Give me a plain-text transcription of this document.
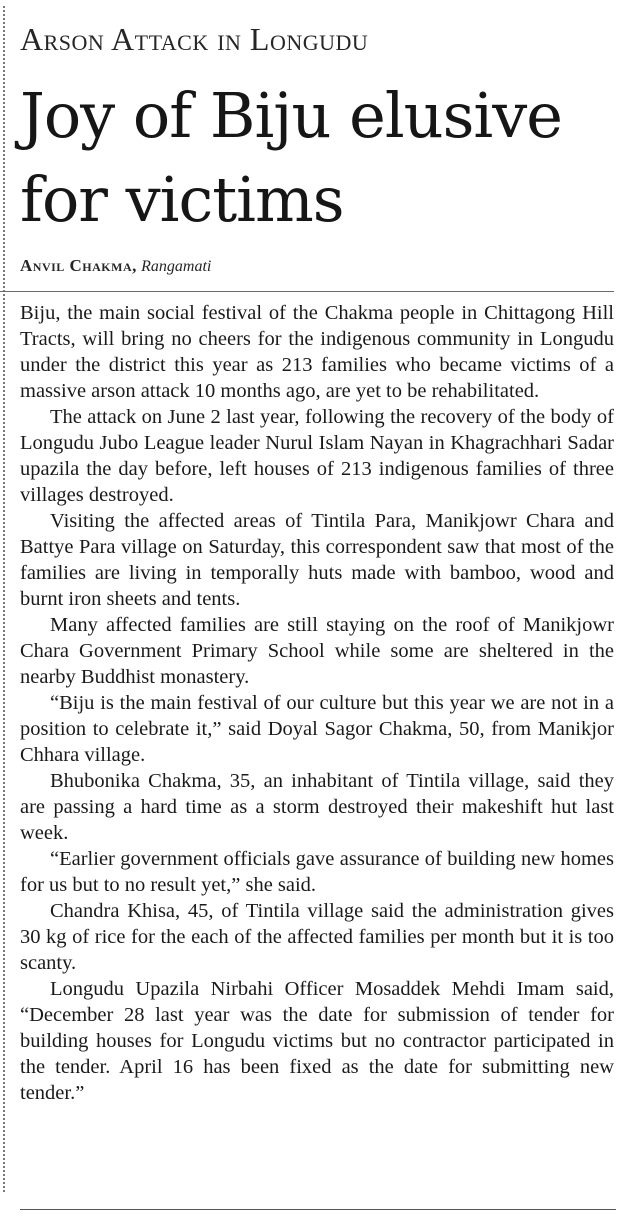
Arson Attack in Longudu
Joy of Biju elusive
for victims
Anvil Chakma, Rangamati

Biju, the main social festival of the Chakma people in Chittagong Hill Tracts, will bring no cheers for the indigenous community in Longudu under the district this year as 213 families who became victims of a massive arson attack 10 months ago, are yet to be rehabilitated.

The attack on June 2 last year, following the recovery of the body of Longudu Jubo League leader Nurul Islam Nayan in Khagrachhari Sadar upazila the day before, left houses of 213 indigenous families of three villages destroyed.

Visiting the affected areas of Tintila Para, Manikjowr Chara and Battye Para village on Saturday, this correspondent saw that most of the families are living in temporally huts made with bamboo, wood and burnt iron sheets and tents.

Many affected families are still staying on the roof of Manikjowr Chara Government Primary School while some are sheltered in the nearby Buddhist monastery.

“Biju is the main festival of our culture but this year we are not in a position to celebrate it,” said Doyal Sagor Chakma, 50, from Manikjor Chhara village.

Bhubonika Chakma, 35, an inhabitant of Tintila village, said they are passing a hard time as a storm destroyed their makeshift hut last week.

“Earlier government officials gave assurance of building new homes for us but to no result yet,” she said.

Chandra Khisa, 45, of Tintila village said the administration gives 30 kg of rice for the each of the affected families per month but it is too scanty.

Longudu Upazila Nirbahi Officer Mosaddek Mehdi Imam said, “December 28 last year was the date for submission of tender for building houses for Longudu victims but no contractor participated in the tender. April 16 has been fixed as the date for submitting new tender.”
